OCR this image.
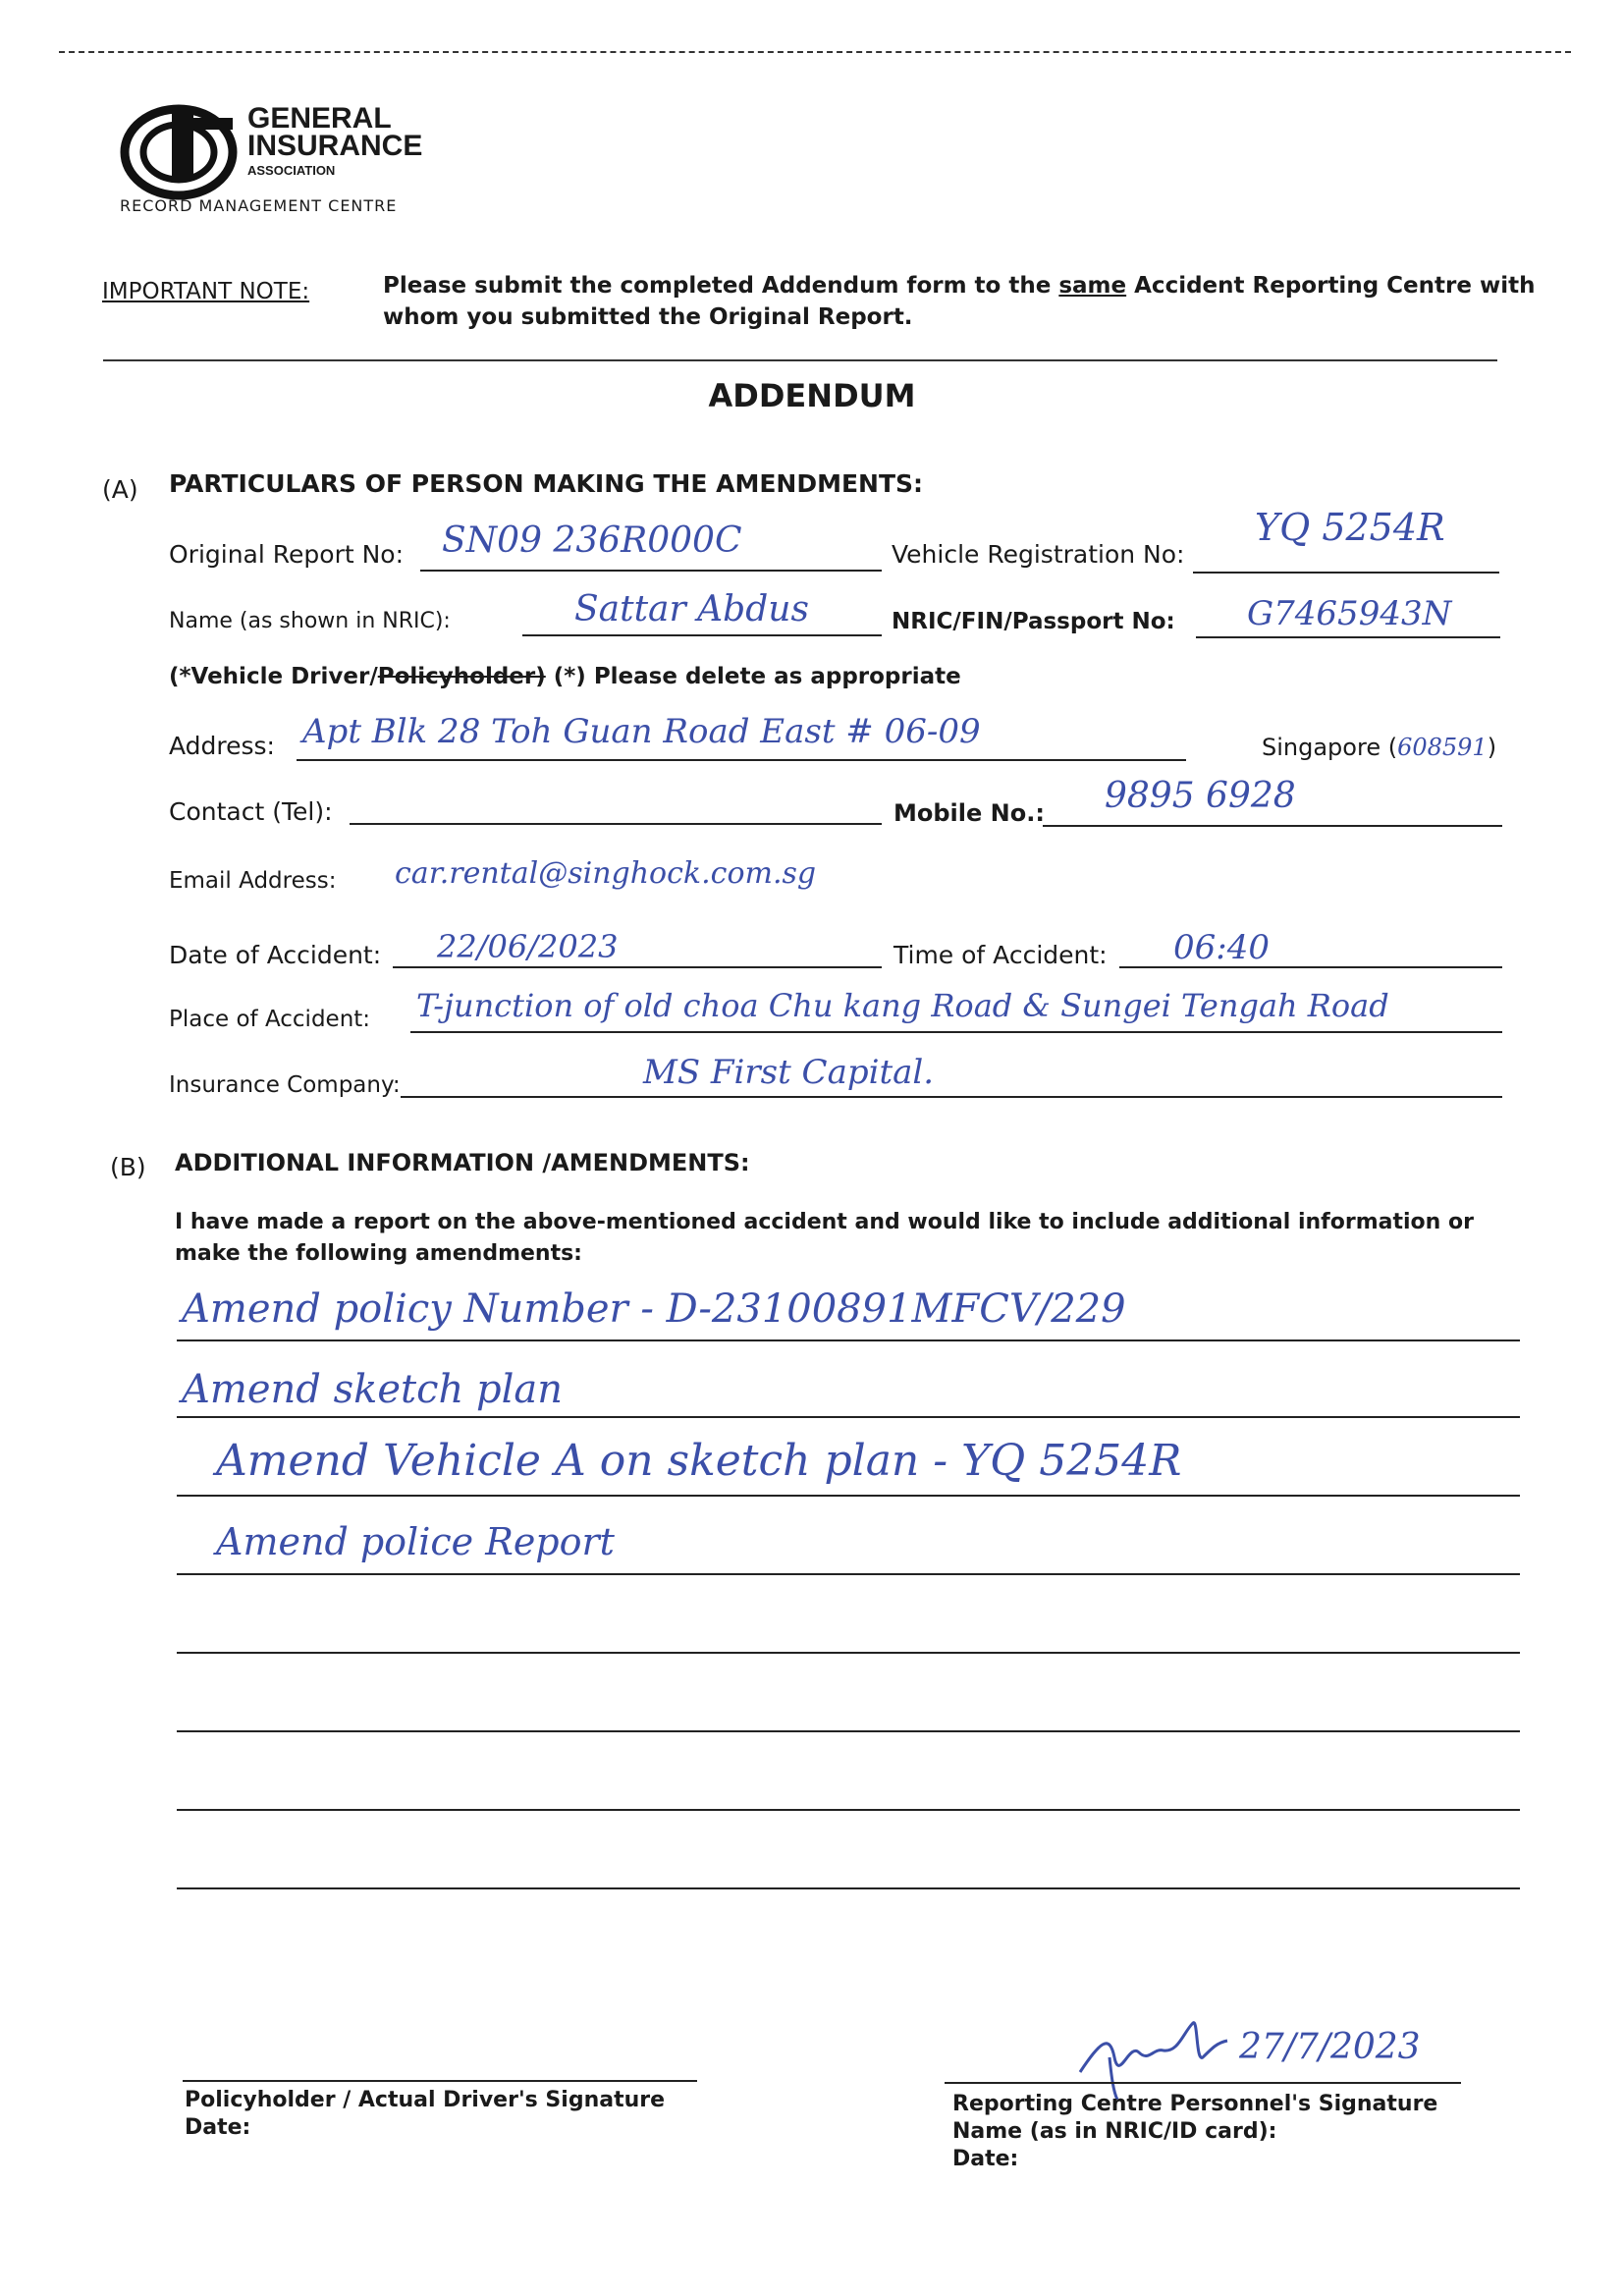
GENERAL
INSURANCE
ASSOCIATION
RECORD MANAGEMENT CENTRE
IMPORTANT NOTE:	Please submit the completed Addendum form to the same Accident Reporting Centre with
whom you submitted the Original Report.
ADDENDUM
(A) PARTICULARS OF PERSON MAKING THE AMENDMENTS:
Original Report No: SN09 236R000C	Vehicle Registration No:
YQ 5254R
Name (as shown in NRIC):	Sattar Abdus	NRIC/FIN/Passport No: G7465943N
(*Vehicle Driver/Policyholder) (*) Please delete as appropriate
Address: Apt Blk 28 Toh Guan Road East # 06-09	Singapore (608591)
Contact (Tel):	Mobile No.: 9895 6928
Email Address: car.rental@singhock.com.sg
Date of Accident: 22/06/2023	Time of Accident: 06:40
Place of Accident: T-junction of old choa Chu kang Road & Sungei Tengah Road
Insurance Company:	MS First Capital.
(B) ADDITIONAL INFORMATION /AMENDMENTS:
I have made a report on the above-mentioned accident and would like to include additional information or
make the following amendments:
Amend policy Number - D-23100891MFCV/229
Amend sketch plan
Amend Vehicle A on sketch plan - YQ 5254R
Amend police Report
Policyholder / Actual Driver's Signature
Date:
27/7/2023
Reporting Centre Personnel's Signature
Name (as in NRIC/ID card):
Date:
